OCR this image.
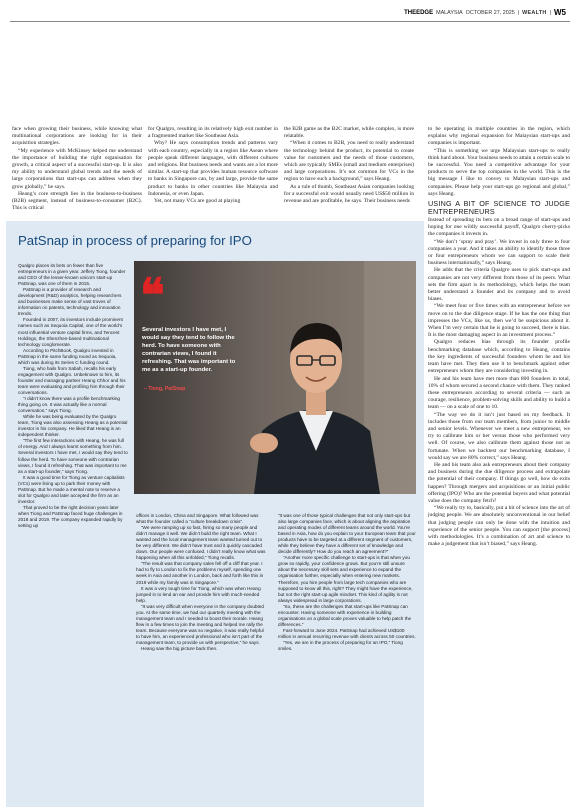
THEEDGE MALAYSIA OCTOBER 27, 2025 | WEALTH | W5

face when growing their business, while knowing what multinational corporations are looking for in their acquisition strategies.

“My experience with McKinsey helped me understand the importance of building the right organisation for growth, a critical aspect of a successful start-up. It is also my ability to understand global trends and the needs of large corporations that start-ups can address when they grow globally,” he says.

Heang’s core strength lies in the business-to-business (B2B) segment, instead of business-to-consumer (B2C). This is critical

for Qualgro, resulting in its relatively high exit number in a fragmented market like Southeast Asia.

Why? He says consumption trends and patterns vary with each country, especially in a region like Asean where people speak different languages, with different cultures and religions. But business needs and wants are a lot more similar. A start-up that provides human resource software to banks in Singapore can, by and large, provide the same product to banks in other countries like Malaysia and Indonesia, or even Japan.

Yet, not many VCs are good at playing

the B2B game as the B2C market, while complex, is more relatable.

“When it comes to B2B, you need to really understand the technology behind the product, its potential to create value for customers and the needs of those customers, which are typically SMEs (small and medium enterprises) and large corporations. It’s not common for VCs in the region to have such a background,” says Heang.

As a rule of thumb, Southeast Asian companies looking for a successful exit would usually need US$50 million in revenue and are profitable, he says. Their business needs

to be operating in multiple countries in the region, which explains why regional expansion for Malaysian start-ups and companies is important.

“This is something we urge Malaysian start-ups to really think hard about. Your business needs to attain a certain scale to be successful. You need a competitive advantage for your products to serve the top companies in the world. This is the big message I like to convey to Malaysian start-ups and companies. Please help your start-ups go regional and global,” says Heang.

USING A BIT OF SCIENCE TO JUDGE ENTREPRENEURS

Instead of spreading its bets on a broad range of start-ups and hoping for one wildly successful payoff, Qualgro cherry-picks the companies it invests in.

“We don’t ‘spray and pray’. We invest in only three to four companies a year. And it takes an ability to identify those three or four entrepreneurs whom we can support to scale their business internationally,” says Heang.

He adds that the criteria Qualgro uses to pick start-ups and companies are not very different from those of its peers. What sets the firm apart is its methodology, which helps the team better understand a founder and its company and to avoid biases.

“We meet four or five times with an entrepreneur before we move on to the due diligence stage. If he has the one thing that impresses the VCs, like us, then we’d be suspicious about it. When I’m very certain that he is going to succeed, there is bias. It is the most damaging aspect in an investment process.”

Qualgro reduces bias through its founder profile benchmarking database which, according to Heang, contains the key ingredients of successful founders whom he and his team have met. They then use it to benchmark against other entrepreneurs whom they are considering investing in.

He and his team have met more than 800 founders in total, 10% of whom secured a second chance with them. They ranked these entrepreneurs according to several criteria — such as courage, resilience, problem-solving skills and ability to build a team — on a scale of one to 10.

“The way we do it isn’t just based on my feedback. It includes those from our team members, from junior to middle and senior levels. Whenever we meet a new entrepreneur, we try to calibrate him or her versus those who performed very well. Of course, we also calibrate them against those not as fortunate. When we backtest our benchmarking database, I would say we are 80% correct,” says Heang.

He and his team also ask entrepreneurs about their company and business during the due diligence process and extrapolate the potential of their company. If things go well, how do exits happen? Through mergers and acquisitions or an initial public offering (IPO)? Who are the potential buyers and what potential value does the company fetch?

“We really try to, basically, put a bit of science into the art of judging people. We are absolutely unconventional in our belief that judging people can only be done with the intuition and experience of the senior people. You can support [the process] with methodologies. It’s a combination of art and science to make a judgement that isn’t biased,” says Heang.

PatSnap in process of preparing for IPO
❝
Several investors I have met, I would say they tend to follow the herd. To have someone with contrarian views, I found it refreshing. That was important to me as a start-up founder.
– Tiong, PatSnap

Qualgro places its bets on fewer than five entrepreneurs in a given year. Jeffery Tiong, founder and CEO of the lesser-known unicorn start-up PatSnap, was one of them in 2015.

PatSnap is a provider of research and development (R&D) analytics, helping researchers and businesses make sense of vast troves of information on patents, technology and innovation trends.

Founded in 2007, its investors include prominent names such as Sequoia Capital, one of the world’s most influential venture capital firms, and Tencent Holdings, the Shenzhen-based multinational technology conglomerate.

According to PitchBook, Qualgro invested in PatSnap in the same funding round as Sequoia, which was during its Series C funding round.

Tiong, who hails from Sabah, recalls his early engagement with Qualgro. Unbeknown to him, its founder and managing partner Heang Chhor and his team were evaluating and profiling him through their conversations.

“I didn’t know there was a profile benchmarking thing going on. It was actually like a normal conversation,” says Tiong.

While he was being evaluated by the Qualgro team, Tiong was also assessing Heang as a potential investor in his company. He liked that Heang is an independent thinker.

“The first few interactions with Heang, he was full of energy. And I always learnt something from him. Several investors I have met, I would say they tend to follow the herd. To have someone with contrarian views, I found it refreshing. That was important to me as a start-up founder,” says Tiong.

It was a good time for Tiong as venture capitalists (VCs) were lining up to park their money with PatSnap. But he made a mental note to reserve a slot for Qualgro and later accepted the firm as an investor.

That proved to be the right decision years later when Tiong and PatSnap faced huge challenges in 2018 and 2019. The company expanded rapidly by setting up

offices in London, China and Singapore. What followed was what the founder called a “culture breakdown crisis”.

“We were ramping up so fast, hiring so many people and didn’t manage it well. We didn’t build the right team. What I wanted and the local management team wanted turned out to be very different. We didn’t have trust and it quickly cascaded down. Our people were confused. I didn’t really know what was happening when all this unfolded,” Tiong recalls.

“The result was that company sales fell off a cliff that year. I had to fly to London to fix the problems myself, spending one week in Asia and another in London, back and forth like this in 2019 while my family was in Singapore.”

It was a very tough time for Tiong, which was when Heang jumped in to lend an ear and provide him with much-needed help.

“It was very difficult when everyone in the company doubted you. At the same time, we had our quarterly meeting with the management team and I needed to boost their morale. Heang flew in a few times to join the meeting and helped me rally the team. Because everyone was so negative, it was really helpful to have him, an experienced professional who isn’t part of the management team, to provide us with perspective,” he says.

Heang saw the big picture back then.

“It was one of those typical challenges that not only start-ups but also large companies face, which is about aligning the aspiration and operating modes of different teams around the world. You’re based in Asia, how do you explain to your European team that your products have to be targeted at a different segment of customers, while they believe they have a different set of knowledge and decide differently? How do you reach an agreement?”

“Another more specific challenge to start-ups is that when you grow so rapidly, your confidence grows. But you’re still unsure about the necessary skill sets and experience to expand the organisation further, especially when entering new markets. Therefore, you hire people from large tech companies who are supposed to know all this, right? They might have the experience, but not the right start-up agile mindset. This kind of agility is not always widespread in large corporations.

“So, these are the challenges that start-ups like PatSnap can encounter. Having someone with experience in building organisations on a global scale proves valuable to help patch the differences.”

Fast-forward to June 2024. PatSnap had achieved US$100 million in annual recurring revenue with clients across 50 countries.

“Yes, we are in the process of preparing for an IPO,” Tiong smiles.
